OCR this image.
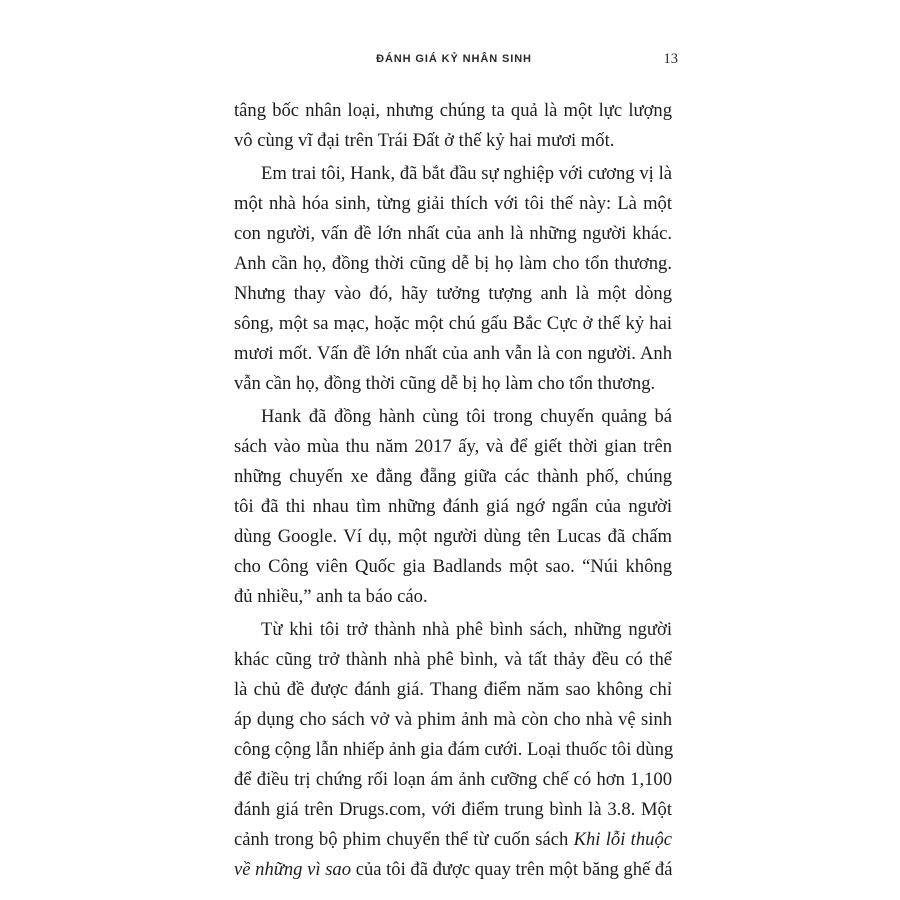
ĐÁNH GIÁ KỶ NHÂN SINH	13
tâng bốc nhân loại, nhưng chúng ta quả là một lực lượng
vô cùng vĩ đại trên Trái Đất ở thế kỷ hai mươi mốt.
Em trai tôi, Hank, đã bắt đầu sự nghiệp với cương vị là
một nhà hóa sinh, từng giải thích với tôi thế này: Là một
con người, vấn đề lớn nhất của anh là những người khác.
Anh cần họ, đồng thời cũng dễ bị họ làm cho tổn thương.
Nhưng thay vào đó, hãy tưởng tượng anh là một dòng
sông, một sa mạc, hoặc một chú gấu Bắc Cực ở thế kỷ hai
mươi mốt. Vấn đề lớn nhất của anh vẫn là con người. Anh
vẫn cần họ, đồng thời cũng dễ bị họ làm cho tổn thương.
Hank đã đồng hành cùng tôi trong chuyến quảng bá
sách vào mùa thu năm 2017 ấy, và để giết thời gian trên
những chuyến xe đằng đẵng giữa các thành phố, chúng
tôi đã thi nhau tìm những đánh giá ngớ ngẩn của người
dùng Google. Ví dụ, một người dùng tên Lucas đã chấm
cho Công viên Quốc gia Badlands một sao. “Núi không
đủ nhiều,” anh ta báo cáo.
Từ khi tôi trở thành nhà phê bình sách, những người
khác cũng trở thành nhà phê bình, và tất thảy đều có thể
là chủ đề được đánh giá. Thang điểm năm sao không chỉ
áp dụng cho sách vở và phim ảnh mà còn cho nhà vệ sinh
công cộng lẫn nhiếp ảnh gia đám cưới. Loại thuốc tôi dùng
để điều trị chứng rối loạn ám ảnh cưỡng chế có hơn 1,100
đánh giá trên Drugs.com, với điểm trung bình là 3.8. Một
cảnh trong bộ phim chuyển thể từ cuốn sách Khi lỗi thuộc
về những vì sao của tôi đã được quay trên một băng ghế đá
